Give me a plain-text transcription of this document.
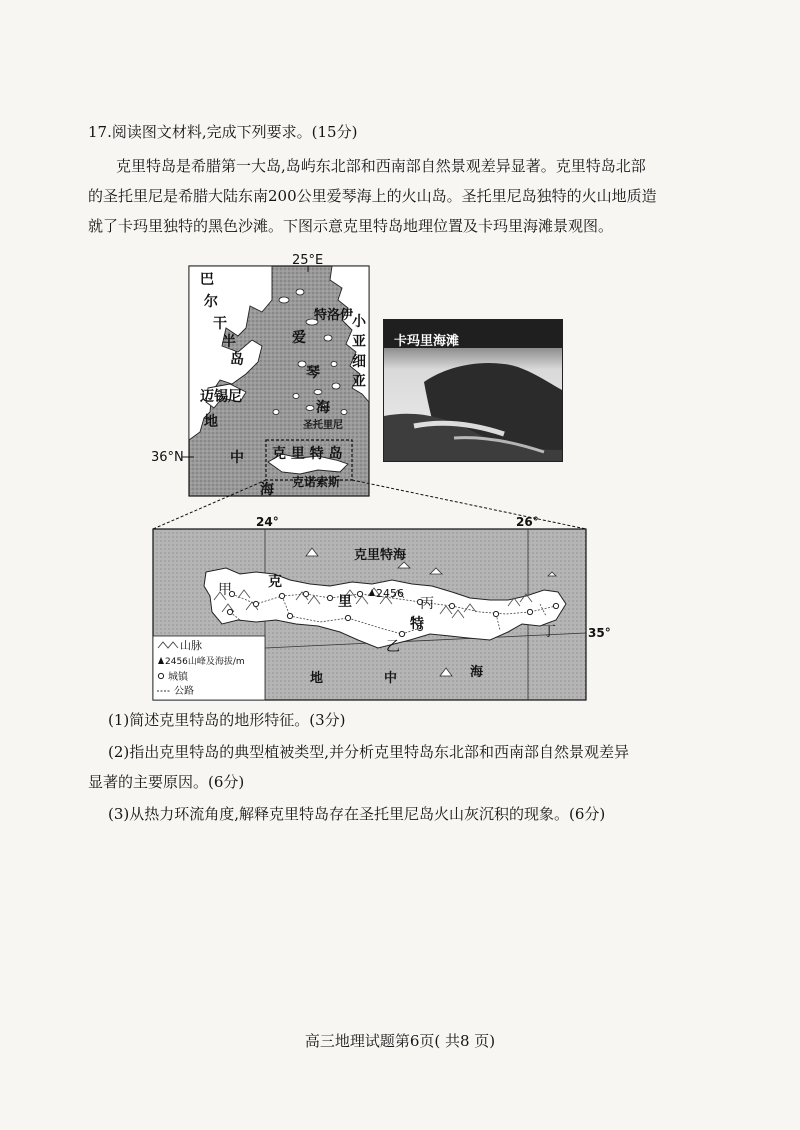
17.阅读图文材料,完成下列要求。(15分)
克里特岛是希腊第一大岛,岛屿东北部和西南部自然景观差异显著。克里特岛北部
的圣托里尼是希腊大陆东南200公里爱琴海上的火山岛。圣托里尼岛独特的火山地质造
就了卡玛里独特的黑色沙滩。下图示意克里特岛地理位置及卡玛里海滩景观图。
25°E
36°N
巴
尔
干
半
岛
爱
琴
海
特洛伊
小
亚
细
亚
迈锡尼
地
中
海
圣托里尼
克 里 特 岛
克诺索斯
2456
24°	26°
35°
克里特海
地	中	海
克
里
特
甲
乙
丙
丁
山脉
2456山峰及海拔/m
城镇
公路
卡玛里海滩
(1)简述克里特岛的地形特征。(3分)
(2)指出克里特岛的典型植被类型,并分析克里特岛东北部和西南部自然景观差异
显著的主要原因。(6分)
(3)从热力环流角度,解释克里特岛存在圣托里尼岛火山灰沉积的现象。(6分)
高三地理试题第6页( 共8 页)
